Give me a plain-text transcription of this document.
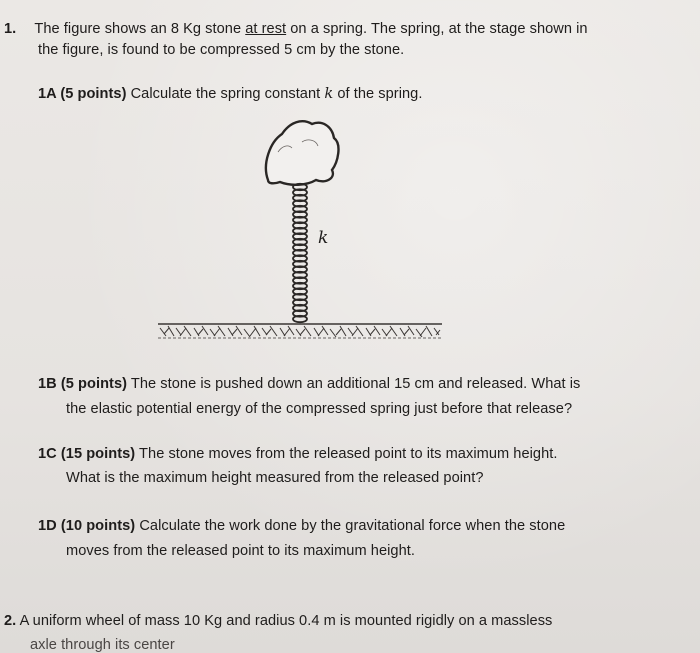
1. The figure shows an 8 Kg stone at rest on a spring. The spring, at the stage shown in
the figure, is found to be compressed 5 cm by the stone.
1A (5 points) Calculate the spring constant k of the spring.
k
1B (5 points) The stone is pushed down an additional 15 cm and released. What is
the elastic potential energy of the compressed spring just before that release?
1C (15 points) The stone moves from the released point to its maximum height.
What is the maximum height measured from the released point?
1D (10 points) Calculate the work done by the gravitational force when the stone
moves from the released point to its maximum height.
2. A uniform wheel of mass 10 Kg and radius 0.4 m is mounted rigidly on a massless
axle through its center
